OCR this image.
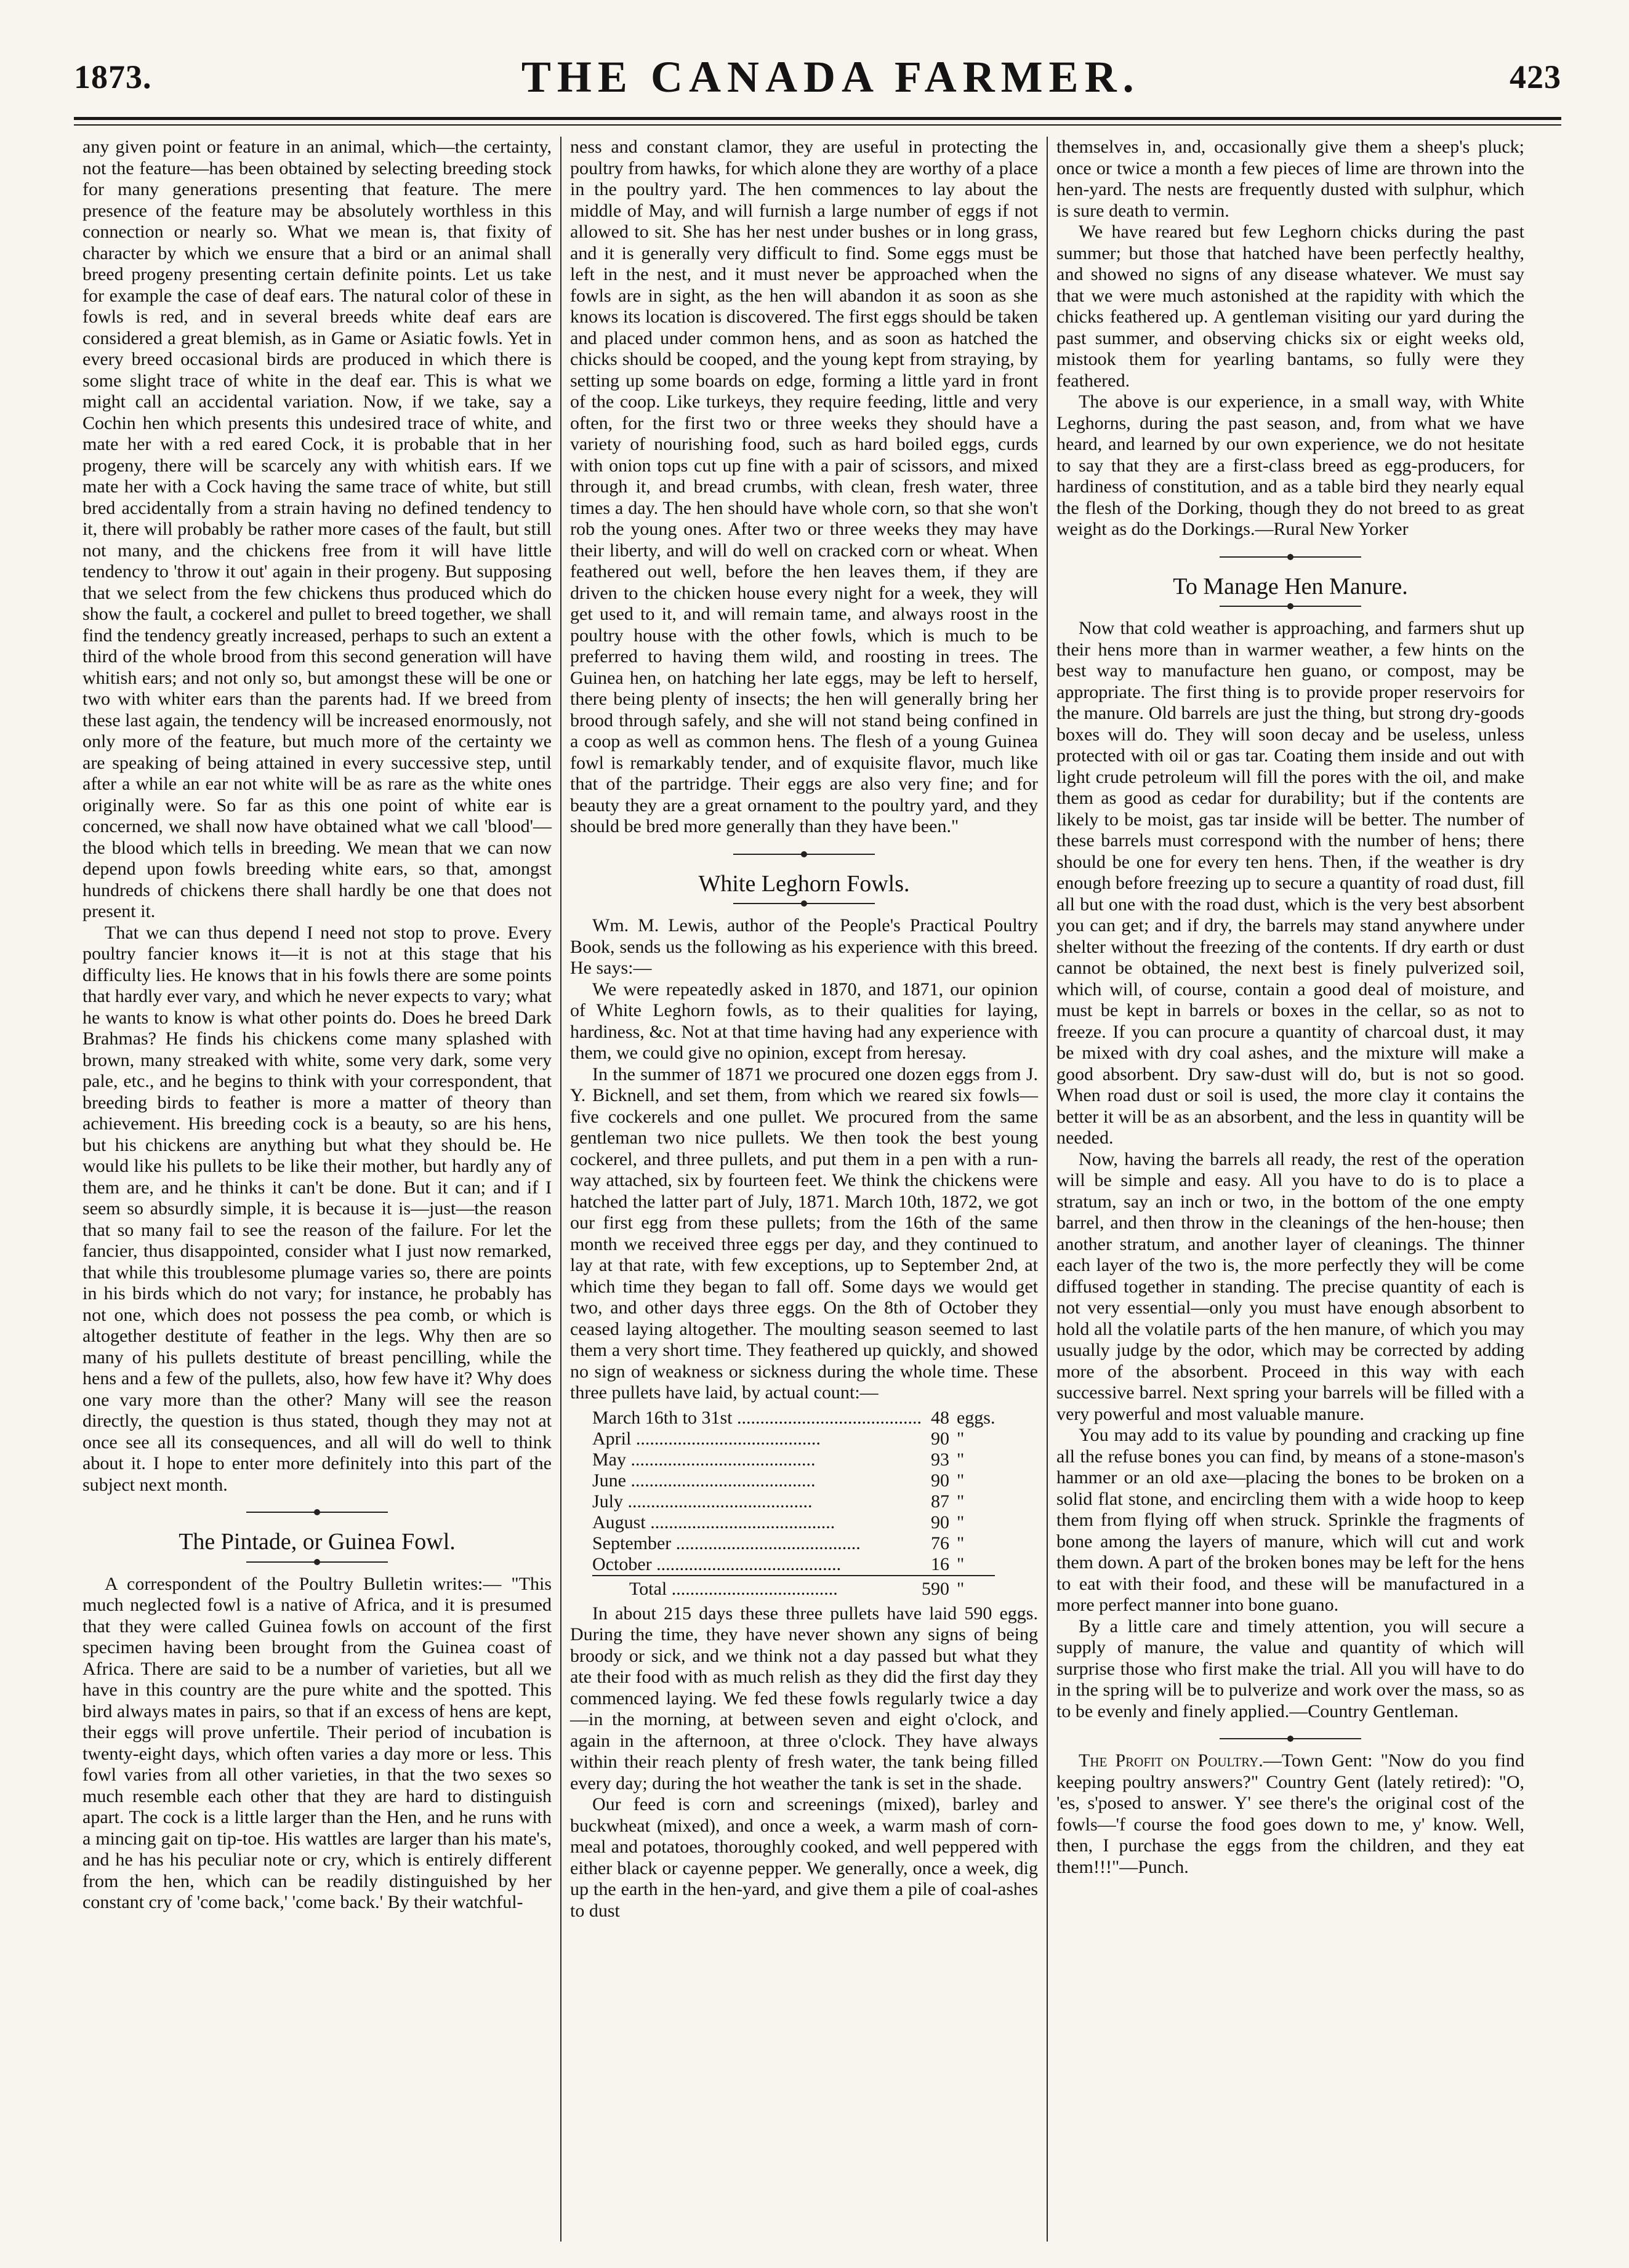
1873.	THE CANADA FARMER.	423

any given point or feature in an animal, which—the certainty, not the feature—has been obtained by selecting breeding stock for many generations presenting that feature. The mere presence of the feature may be absolutely worthless in this connection or nearly so. What we mean is, that fixity of character by which we ensure that a bird or an animal shall breed progeny presenting certain definite points. Let us take for example the case of deaf ears. The natural color of these in fowls is red, and in several breeds white deaf ears are considered a great blemish, as in Game or Asiatic fowls. Yet in every breed occasional birds are produced in which there is some slight trace of white in the deaf ear. This is what we might call an accidental variation. Now, if we take, say a Cochin hen which presents this undesired trace of white, and mate her with a red eared Cock, it is probable that in her progeny, there will be scarcely any with whitish ears. If we mate her with a Cock having the same trace of white, but still bred accidentally from a strain having no defined tendency to it, there will probably be rather more cases of the fault, but still not many, and the chickens free from it will have little tendency to 'throw it out' again in their progeny. But supposing that we select from the few chickens thus produced which do show the fault, a cockerel and pullet to breed together, we shall find the tendency greatly increased, perhaps to such an extent a third of the whole brood from this second generation will have whitish ears; and not only so, but amongst these will be one or two with whiter ears than the parents had. If we breed from these last again, the tendency will be increased enormously, not only more of the feature, but much more of the certainty we are speaking of being attained in every successive step, until after a while an ear not white will be as rare as the white ones originally were. So far as this one point of white ear is concerned, we shall now have obtained what we call 'blood'—the blood which tells in breeding. We mean that we can now depend upon fowls breeding white ears, so that, amongst hundreds of chickens there shall hardly be one that does not present it.

That we can thus depend I need not stop to prove. Every poultry fancier knows it—it is not at this stage that his difficulty lies. He knows that in his fowls there are some points that hardly ever vary, and which he never expects to vary; what he wants to know is what other points do. Does he breed Dark Brahmas? He finds his chickens come many splashed with brown, many streaked with white, some very dark, some very pale, etc., and he begins to think with your correspondent, that breeding birds to feather is more a matter of theory than achievement. His breeding cock is a beauty, so are his hens, but his chickens are anything but what they should be. He would like his pullets to be like their mother, but hardly any of them are, and he thinks it can't be done. But it can; and if I seem so absurdly simple, it is because it is—just—the reason that so many fail to see the reason of the failure. For let the fancier, thus disappointed, consider what I just now remarked, that while this troublesome plumage varies so, there are points in his birds which do not vary; for instance, he probably has not one, which does not possess the pea comb, or which is altogether destitute of feather in the legs. Why then are so many of his pullets destitute of breast pencilling, while the hens and a few of the pullets, also, how few have it? Why does one vary more than the other? Many will see the reason directly, the question is thus stated, though they may not at once see all its consequences, and all will do well to think about it. I hope to enter more definitely into this part of the subject next month.

The Pintade, or Guinea Fowl.

A correspondent of the Poultry Bulletin writes:— "This much neglected fowl is a native of Africa, and it is presumed that they were called Guinea fowls on account of the first specimen having been brought from the Guinea coast of Africa. There are said to be a number of varieties, but all we have in this country are the pure white and the spotted. This bird always mates in pairs, so that if an excess of hens are kept, their eggs will prove unfertile. Their period of incubation is twenty-eight days, which often varies a day more or less. This fowl varies from all other varieties, in that the two sexes so much resemble each other that they are hard to distinguish apart. The cock is a little larger than the Hen, and he runs with a mincing gait on tip-toe. His wattles are larger than his mate's, and he has his peculiar note or cry, which is entirely different from the hen, which can be readily distinguished by her constant cry of 'come back,' 'come back.' By their watchful-

ness and constant clamor, they are useful in protecting the poultry from hawks, for which alone they are worthy of a place in the poultry yard. The hen commences to lay about the middle of May, and will furnish a large number of eggs if not allowed to sit. She has her nest under bushes or in long grass, and it is generally very difficult to find. Some eggs must be left in the nest, and it must never be approached when the fowls are in sight, as the hen will abandon it as soon as she knows its location is discovered. The first eggs should be taken and placed under common hens, and as soon as hatched the chicks should be cooped, and the young kept from straying, by setting up some boards on edge, forming a little yard in front of the coop. Like turkeys, they require feeding, little and very often, for the first two or three weeks they should have a variety of nourishing food, such as hard boiled eggs, curds with onion tops cut up fine with a pair of scissors, and mixed through it, and bread crumbs, with clean, fresh water, three times a day. The hen should have whole corn, so that she won't rob the young ones. After two or three weeks they may have their liberty, and will do well on cracked corn or wheat. When feathered out well, before the hen leaves them, if they are driven to the chicken house every night for a week, they will get used to it, and will remain tame, and always roost in the poultry house with the other fowls, which is much to be preferred to having them wild, and roosting in trees. The Guinea hen, on hatching her late eggs, may be left to herself, there being plenty of insects; the hen will generally bring her brood through safely, and she will not stand being confined in a coop as well as common hens. The flesh of a young Guinea fowl is remarkably tender, and of exquisite flavor, much like that of the partridge. Their eggs are also very fine; and for beauty they are a great ornament to the poultry yard, and they should be bred more generally than they have been."

White Leghorn Fowls.

Wm. M. Lewis, author of the People's Practical Poultry Book, sends us the following as his experience with this breed. He says:—

We were repeatedly asked in 1870, and 1871, our opinion of White Leghorn fowls, as to their qualities for laying, hardiness, &c. Not at that time having had any experience with them, we could give no opinion, except from heresay.

In the summer of 1871 we procured one dozen eggs from J. Y. Bicknell, and set them, from which we reared six fowls—five cockerels and one pullet. We procured from the same gentleman two nice pullets. We then took the best young cockerel, and three pullets, and put them in a pen with a run-way attached, six by fourteen feet. We think the chickens were hatched the latter part of July, 1871. March 10th, 1872, we got our first egg from these pullets; from the 16th of the same month we received three eggs per day, and they continued to lay at that rate, with few exceptions, up to September 2nd, at which time they began to fall off. Some days we would get two, and other days three eggs. On the 8th of October they ceased laying altogether. The moulting season seemed to last them a very short time. They feathered up quickly, and showed no sign of weakness or sickness during the whole time. These three pullets have laid, by actual count:—

March 16th to 31st .....	48	eggs.
April .....	90	"
May .....	93	"
June .....	90	"
July .....	87	"
August .....	90	"
September .....	76	"
October .....	16	"

Total ....................................	590	"

In about 215 days these three pullets have laid 590 eggs. During the time, they have never shown any signs of being broody or sick, and we think not a day passed but what they ate their food with as much relish as they did the first day they commenced laying. We fed these fowls regularly twice a day—in the morning, at between seven and eight o'clock, and again in the afternoon, at three o'clock. They have always within their reach plenty of fresh water, the tank being filled every day; during the hot weather the tank is set in the shade.

Our feed is corn and screenings (mixed), barley and buckwheat (mixed), and once a week, a warm mash of corn-meal and potatoes, thoroughly cooked, and well peppered with either black or cayenne pepper. We generally, once a week, dig up the earth in the hen-yard, and give them a pile of coal-ashes to dust

themselves in, and, occasionally give them a sheep's pluck; once or twice a month a few pieces of lime are thrown into the hen-yard. The nests are frequently dusted with sulphur, which is sure death to vermin.

We have reared but few Leghorn chicks during the past summer; but those that hatched have been perfectly healthy, and showed no signs of any disease whatever. We must say that we were much astonished at the rapidity with which the chicks feathered up. A gentleman visiting our yard during the past summer, and observing chicks six or eight weeks old, mistook them for yearling bantams, so fully were they feathered.

The above is our experience, in a small way, with White Leghorns, during the past season, and, from what we have heard, and learned by our own experience, we do not hesitate to say that they are a first-class breed as egg-producers, for hardiness of constitution, and as a table bird they nearly equal the flesh of the Dorking, though they do not breed to as great weight as do the Dorkings.—Rural New Yorker

To Manage Hen Manure.

Now that cold weather is approaching, and farmers shut up their hens more than in warmer weather, a few hints on the best way to manufacture hen guano, or compost, may be appropriate. The first thing is to provide proper reservoirs for the manure. Old barrels are just the thing, but strong dry-goods boxes will do. They will soon decay and be useless, unless protected with oil or gas tar. Coating them inside and out with light crude petroleum will fill the pores with the oil, and make them as good as cedar for durability; but if the contents are likely to be moist, gas tar inside will be better. The number of these barrels must correspond with the number of hens; there should be one for every ten hens. Then, if the weather is dry enough before freezing up to secure a quantity of road dust, fill all but one with the road dust, which is the very best absorbent you can get; and if dry, the barrels may stand anywhere under shelter without the freezing of the contents. If dry earth or dust cannot be obtained, the next best is finely pulverized soil, which will, of course, contain a good deal of moisture, and must be kept in barrels or boxes in the cellar, so as not to freeze. If you can procure a quantity of charcoal dust, it may be mixed with dry coal ashes, and the mixture will make a good absorbent. Dry saw-dust will do, but is not so good. When road dust or soil is used, the more clay it contains the better it will be as an absorbent, and the less in quantity will be needed.

Now, having the barrels all ready, the rest of the operation will be simple and easy. All you have to do is to place a stratum, say an inch or two, in the bottom of the one empty barrel, and then throw in the cleanings of the hen-house; then another stratum, and another layer of cleanings. The thinner each layer of the two is, the more perfectly they will be come diffused together in standing. The precise quantity of each is not very essential—only you must have enough absorbent to hold all the volatile parts of the hen manure, of which you may usually judge by the odor, which may be corrected by adding more of the absorbent. Proceed in this way with each successive barrel. Next spring your barrels will be filled with a very powerful and most valuable manure.

You may add to its value by pounding and cracking up fine all the refuse bones you can find, by means of a stone-mason's hammer or an old axe—placing the bones to be broken on a solid flat stone, and encircling them with a wide hoop to keep them from flying off when struck. Sprinkle the fragments of bone among the layers of manure, which will cut and work them down. A part of the broken bones may be left for the hens to eat with their food, and these will be manufactured in a more perfect manner into bone guano.

By a little care and timely attention, you will secure a supply of manure, the value and quantity of which will surprise those who first make the trial. All you will have to do in the spring will be to pulverize and work over the mass, so as to be evenly and finely applied.—Country Gentleman.

The Profit on Poultry.—Town Gent: "Now do you find keeping poultry answers?" Country Gent (lately retired): "O, 'es, s'posed to answer. Y' see there's the original cost of the fowls—'f course the food goes down to me, y' know. Well, then, I purchase the eggs from the children, and they eat them!!!"—Punch.
